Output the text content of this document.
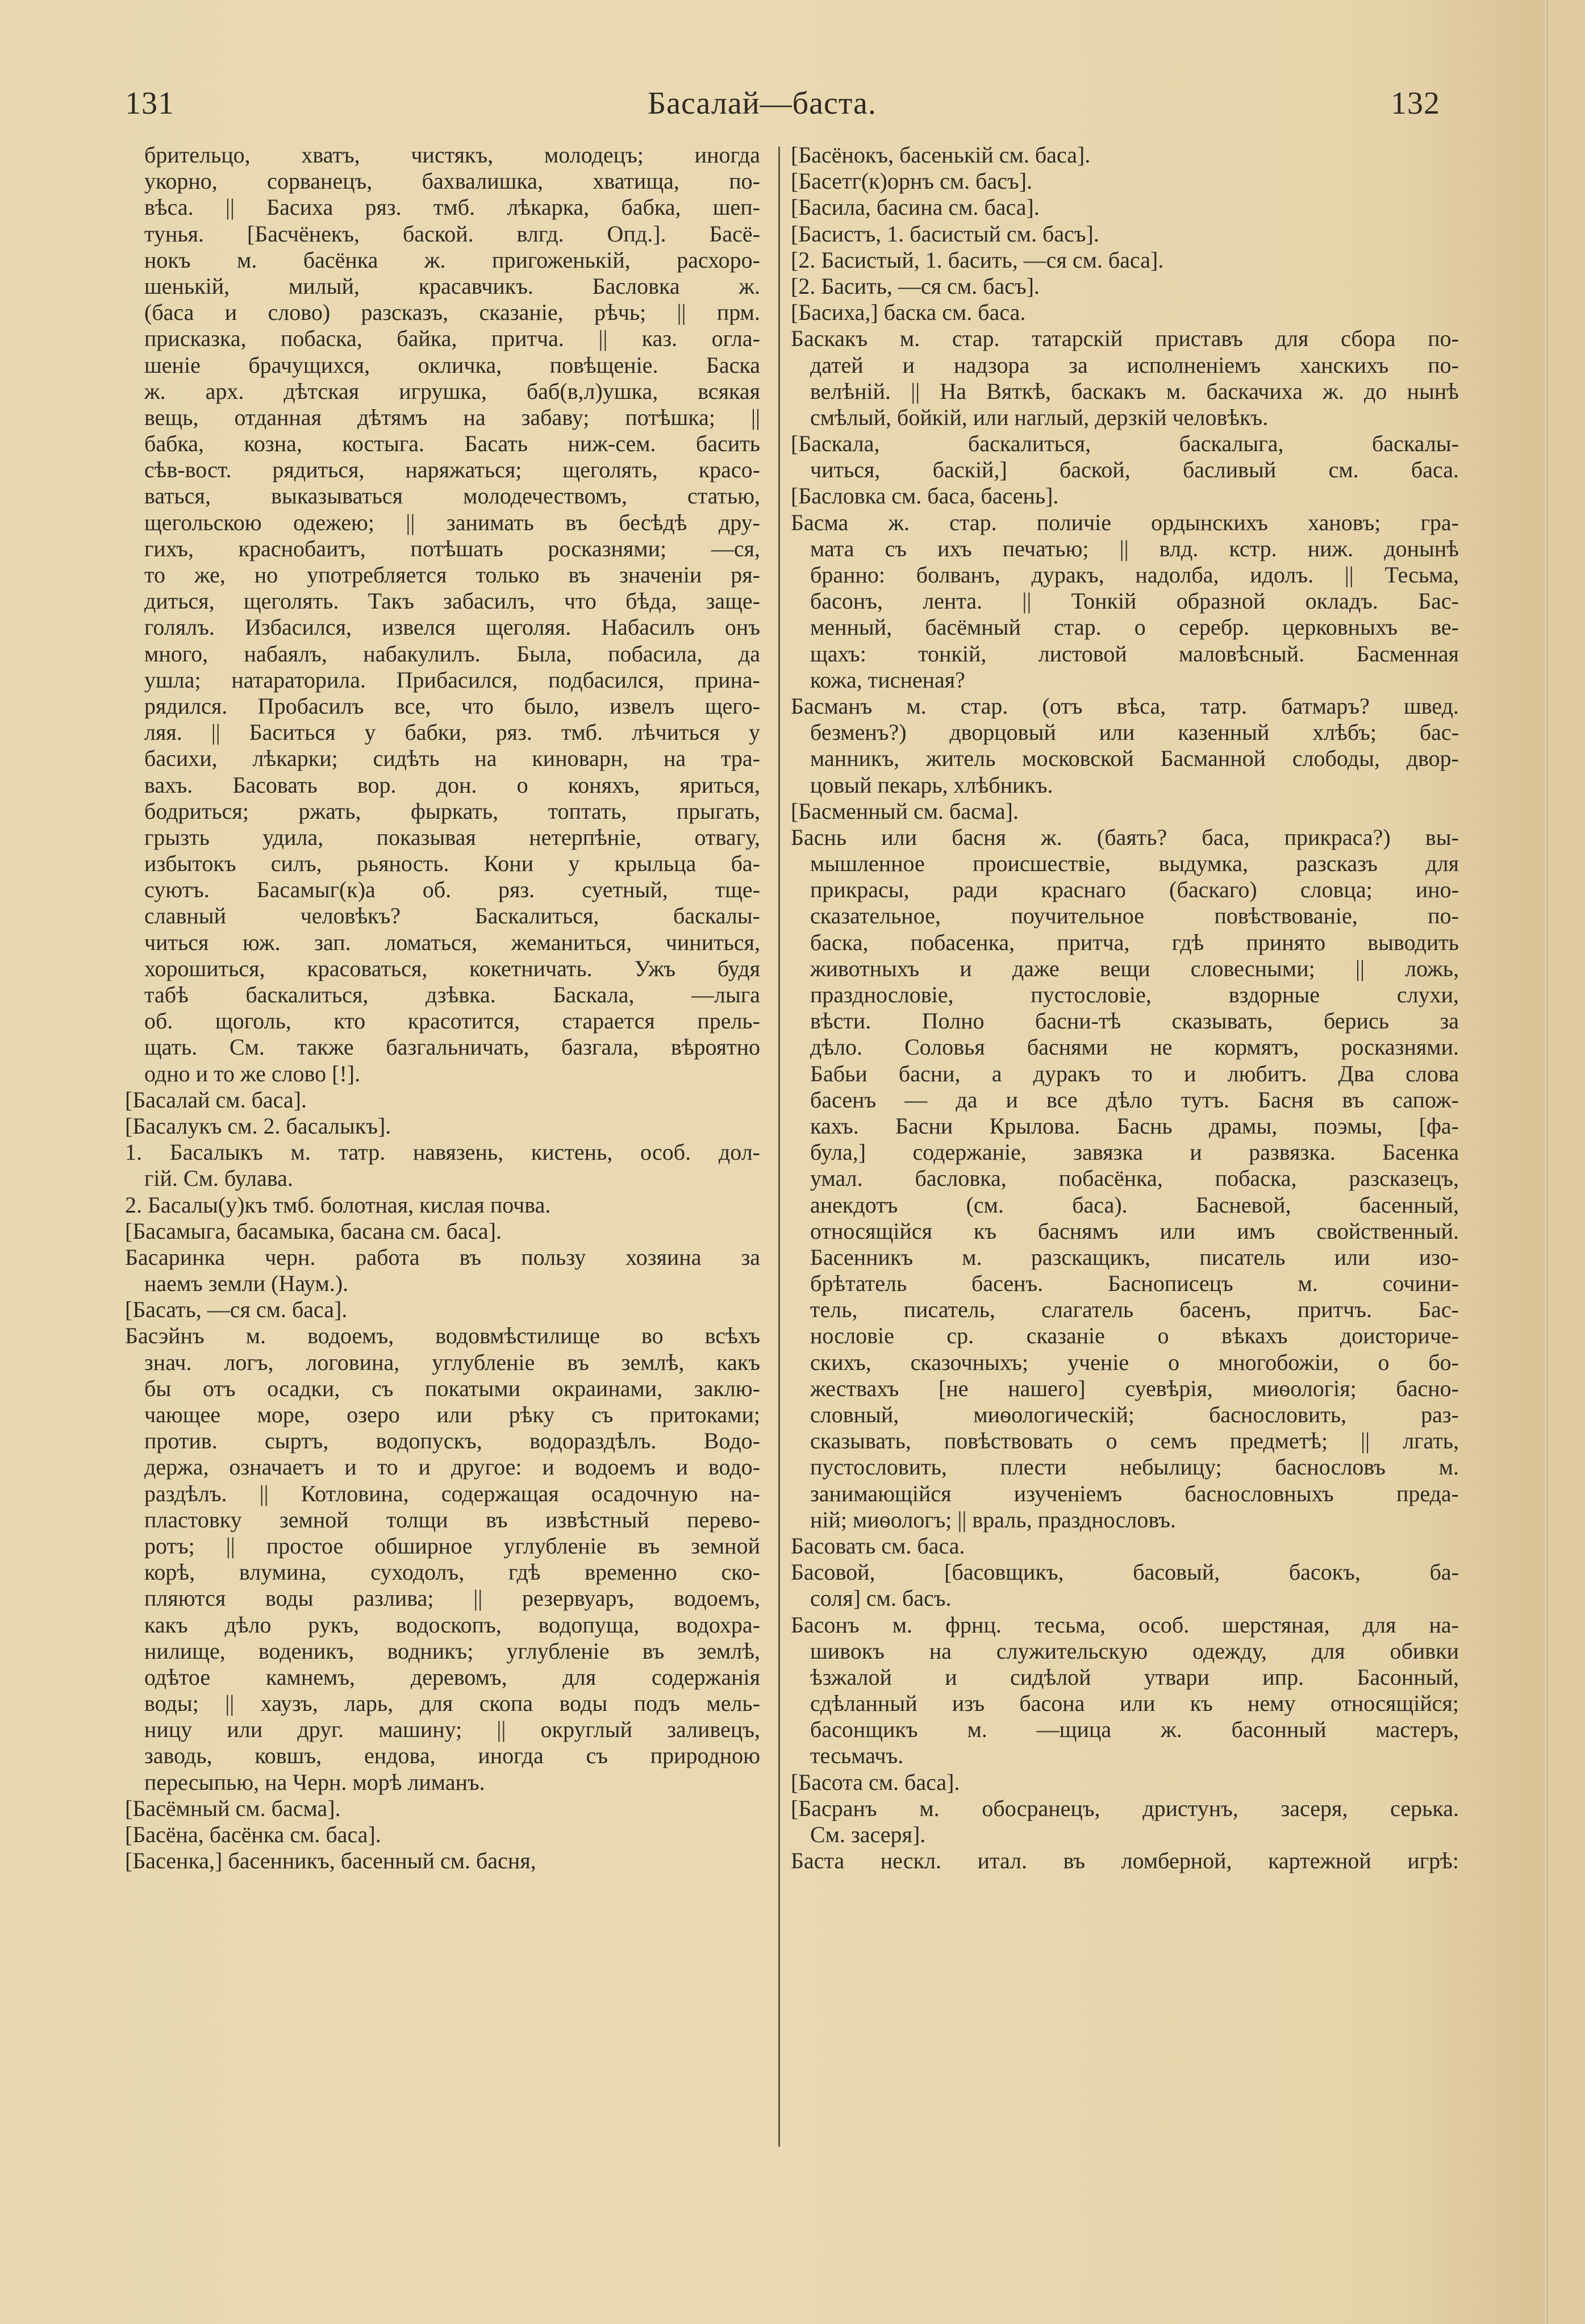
131	Басалай—баста.	132
брительцо, хватъ, чистякъ, молодецъ; иногда
укорно, сорванецъ, бахвалишка, хватища, по-
вѣса. || Басиха ряз. тмб. лѣкарка, бабка, шеп-
тунья. [Басчёнекъ, баской. влгд. Опд.]. Басё-
нокъ м. басёнка ж. пригоженькій, расхоро-
шенькій, милый, красавчикъ. Басловка ж.
(баса и слово) разсказъ, сказаніе, рѣчь; || прм.
присказка, побаска, байка, притча. || каз. огла-
шеніе брачущихся, окличка, повѣщеніе. Баска
ж. арх. дѣтская игрушка, баб(в,л)ушка, всякая
вещь, отданная дѣтямъ на забаву; потѣшка; ||
бабка, козна, костыга. Басать ниж-сем. басить
сѣв-вост. рядиться, наряжаться; щеголять, красо-
ваться, выказываться молодечествомъ, статью,
щегольскою одежею; || занимать въ бесѣдѣ дру-
гихъ, краснобаитъ, потѣшать росказнями; —ся,
то же, но употребляется только въ значеніи ря-
диться, щеголять. Такъ забасилъ, что бѣда, защe-
голялъ. Избасился, извелся щеголяя. Набасилъ онъ
много, набаялъ, набакулилъ. Была, побасила, да
ушла; натараторила. Прибасился, подбасился, прина-
рядился. Пробасилъ все, что было, извелъ щего-
ляя. || Баситься у бабки, ряз. тмб. лѣчиться у
басихи, лѣкарки; сидѣть на киноварн, на тра-
вахъ. Басовать вор. дон. о коняхъ, яриться,
бодриться; ржать, фыркать, топтать, прыгать,
грызть удила, показывая нетерпѣніе, отвагу,
избытокъ силъ, рьяность. Кони у крыльца ба-
суютъ. Басамыг(к)а об. ряз. суетный, тще-
славный человѣкъ? Баскалиться, баскалы-
читься юж. зап. ломаться, жеманиться, чиниться,
хорошиться, красоваться, кокетничать. Ужъ будя
табѣ баскалиться, дзѣвка. Баскала, —лыга
об. щоголь, кто красотится, старается прель-
щать. См. также базгальничать, базгала, вѣроятно
одно и то же слово [!].
[Басалай см. баса].
[Басалукъ см. 2. басалыкъ].
1. Басалыкъ м. татр. навязень, кистень, особ. дол-
гій. См. булава.
2. Басалы(у)къ тмб. болотная, кислая почва.
[Басамыга, басамыка, басана см. баса].
Басаринка черн. работа въ пользу хозяина за
наемъ земли (Наум.).
[Басать, —ся см. баса].
Басэйнъ м. водоемъ, водовмѣстилище во всѣхъ
знач. логъ, логовина, углубленіе въ землѣ, какъ
бы отъ осадки, съ покатыми окраинами, заклю-
чающее море, озеро или рѣку съ притоками;
против. сыртъ, водопускъ, водораздѣлъ. Водо-
держа, означаетъ и то и другое: и водоемъ и водо-
раздѣлъ. || Котловина, содержащая осадочную на-
пластовку земной толщи въ извѣстный перево-
ротъ; || простое обширное углубленіе въ земной
корѣ, влумина, суходолъ, гдѣ временно ско-
пляются воды разлива; || резервуаръ, водоемъ,
какъ дѣло рукъ, водоскопъ, водопуща, водохра-
нилище, воденикъ, водникъ; углубленіе въ землѣ,
одѣтое камнемъ, деревомъ, для содержанія
воды; || хаузъ, ларь, для скопа воды подъ мель-
ницу или друг. машину; || округлый заливецъ,
заводь, ковшъ, ендова, иногда съ природною
пересыпью, на Черн. морѣ лиманъ.
[Басёмный см. басма].
[Басёна, басёнка см. баса].
[Басенка,] басенникъ, басенный см. басня,
[Басёнокъ, басенькій см. баса].
[Басетг(к)орнъ см. басъ].
[Басила, басина см. баса].
[Басистъ, 1. басистый см. басъ].
[2. Басистый, 1. басить, —ся см. баса].
[2. Басить, —ся см. басъ].
[Басиха,] баска см. баса.
Баскакъ м. стар. татарскій приставъ для сбора по-
датей и надзора за исполненіемъ ханскихъ по-
велѣній. || На Вяткѣ, баскакъ м. баскачиха ж. до нынѣ
смѣлый, бойкій, или наглый, дерзкій человѣкъ.
[Баскала, баскалиться, баскалыга, баскалы-
читься, баскій,] баской, басливый см. баса.
[Басловка см. баса, басень].
Басма ж. стар. поличіе ордынскихъ хановъ; гра-
мата съ ихъ печатью; || влд. кстр. ниж. донынѣ
бранно: болванъ, дуракъ, надолба, идолъ. || Тесьма,
басонъ, лента. || Тонкій образной окладъ. Бас-
менный, басёмный стар. о серебр. церковныхъ ве-
щахъ: тонкій, листовой маловѣсный. Басменная
кожа, тисненая?
Басманъ м. стар. (отъ вѣса, татр. батмаръ? швед.
безменъ?) дворцовый или казенный хлѣбъ; бас-
манникъ, житель московской Басманной слободы, двор-
цовый пекарь, хлѣбникъ.
[Басменный см. басма].
Баснь или басня ж. (баять? баса, прикраса?) вы-
мышленное происшествіе, выдумка, разсказъ для
прикрасы, ради краснаго (баскаго) словца; ино-
сказательное, поучительное повѣствованіе, по-
баска, побасенка, притча, гдѣ принято выводить
животныхъ и даже вещи словесными; || ложь,
празднословіе, пустословіе, вздорные слухи,
вѣсти. Полно басни-тѣ сказывать, берись за
дѣло. Соловья баснями не кормятъ, росказнями.
Бабьи басни, а дуракъ то и любитъ. Два слова
басенъ — да и все дѣло тутъ. Басня въ сапож-
кахъ. Басни Крылова. Баснь драмы, поэмы, [фа-
була,] содержаніе, завязка и развязка. Басенка
умал. басловка, побасёнка, побаска, разсказецъ,
анекдотъ (см. баса). Басневой, басенный,
относящійся къ баснямъ или имъ свойственный.
Басенникъ м. разскащикъ, писатель или изо-
брѣтатель басенъ. Баснописецъ м. сочини-
тель, писатель, слагатель басенъ, притчъ. Бас-
нословіе ср. сказаніе о вѣкахъ доисториче-
скихъ, сказочныхъ; ученіе о многобожіи, о бо-
жествахъ [не нашего] суевѣрія, миѳологія; басно-
словный, миѳологическій; баснословить, раз-
сказывать, повѣствовать о семъ предметѣ; || лгать,
пустословить, плести небылицу; баснословъ м.
занимающійся изученіемъ баснословныхъ преда-
ній; миѳологъ; || враль, празднословъ.
Басовать см. баса.
Басовой, [басовщикъ, басовый, басокъ, ба-
соля] см. басъ.
Басонъ м. фрнц. тесьма, особ. шерстяная, для на-
шивокъ на служительскую одежду, для обивки
ѣзжалой и сидѣлой утвари ипр. Басонный,
сдѣланный изъ басона или къ нему относящійся;
басонщикъ м. —щица ж. басонный мастеръ,
тесьмачъ.
[Басота см. баса].
[Басранъ м. обосранецъ, дристунъ, засеря, серька.
См. засеря].
Баста нескл. итал. въ ломберной, картежной игрѣ:
